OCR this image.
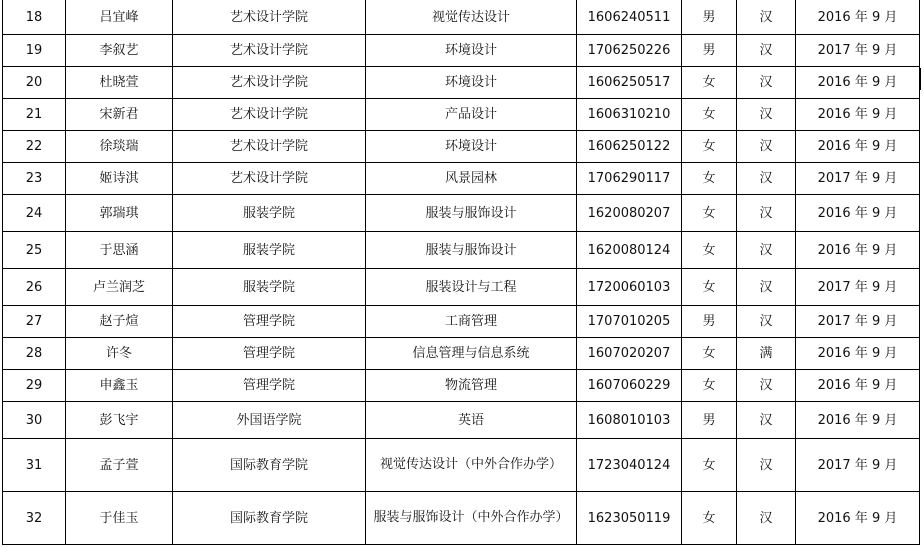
18	吕宜峰	艺术设计学院	视觉传达设计	1606240511	男	汉	2016 年 9 月
19	李叙艺	艺术设计学院	环境设计	1706250226	男	汉	2017 年 9 月
20	杜晓萱	艺术设计学院	环境设计	1606250517	女	汉	2016 年 9 月
21	宋新君	艺术设计学院	产品设计	1606310210	女	汉	2016 年 9 月
22	徐琰瑞	艺术设计学院	环境设计	1606250122	女	汉	2016 年 9 月
23	姬诗淇	艺术设计学院	风景园林	1706290117	女	汉	2017 年 9 月
24	郭瑞琪	服装学院	服装与服饰设计	1620080207	女	汉	2016 年 9 月
25	于思涵	服装学院	服装与服饰设计	1620080124	女	汉	2016 年 9 月
26	卢兰润芝	服装学院	服装设计与工程	1720060103	女	汉	2017 年 9 月
27	赵子煊	管理学院	工商管理	1707010205	男	汉	2017 年 9 月
28	许冬	管理学院	信息管理与信息系统	1607020207	女	满	2016 年 9 月
29	申鑫玉	管理学院	物流管理	1607060229	女	汉	2016 年 9 月
30	彭飞宇	外国语学院	英语	1608010103	男	汉	2016 年 9 月
31	孟子萱	国际教育学院	视觉传达设计（中外合作办学）	1723040124	女	汉	2017 年 9 月
32	于佳玉	国际教育学院	服装与服饰设计（中外合作办学）	1623050119	女	汉	2016 年 9 月
